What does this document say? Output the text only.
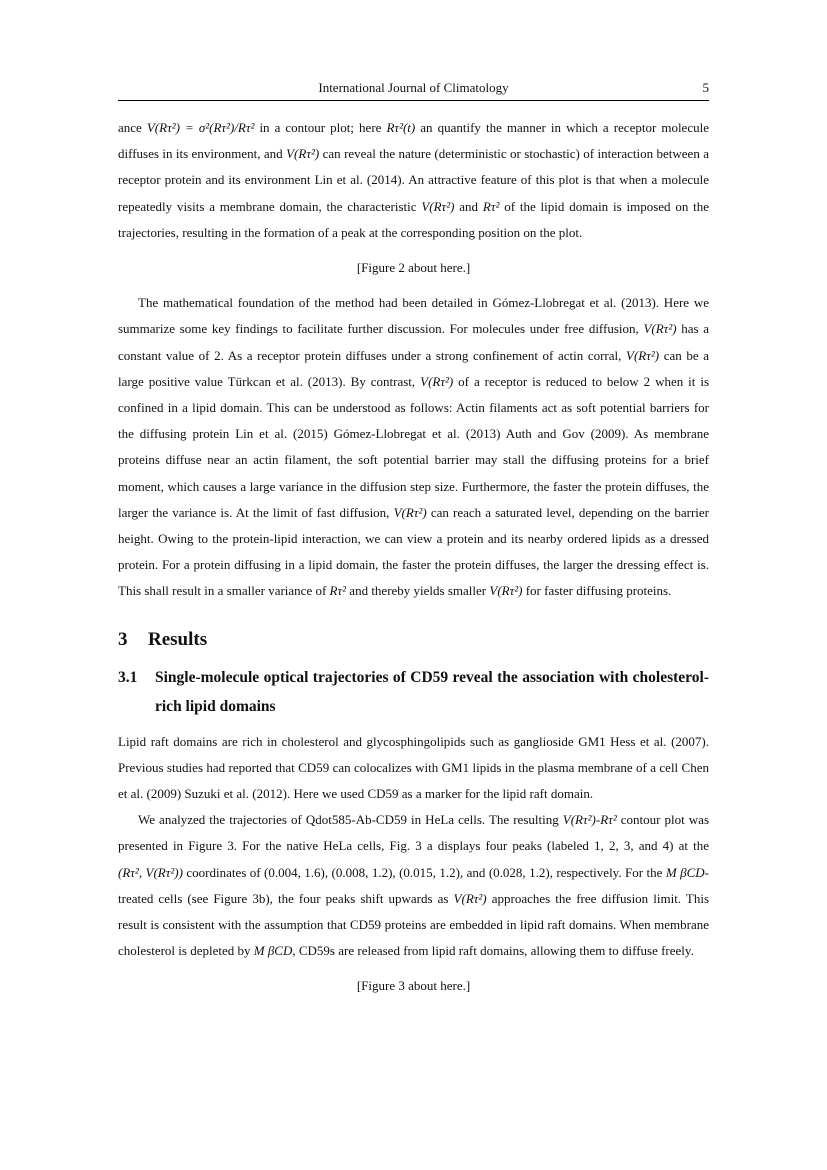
International Journal of Climatology	5

ance V(Rτ²) = σ²(Rτ²)/Rτ² in a contour plot; here Rτ²(t) an quantify the manner in which a receptor molecule diffuses in its environment, and V(Rτ²) can reveal the nature (deterministic or stochastic) of interaction between a receptor protein and its environment Lin et al. (2014). An attractive feature of this plot is that when a molecule repeatedly visits a membrane domain, the characteristic V(Rτ²) and Rτ² of the lipid domain is imposed on the trajectories, resulting in the formation of a peak at the corresponding position on the plot.

[Figure 2 about here.]

The mathematical foundation of the method had been detailed in Gómez-Llobregat et al. (2013). Here we summarize some key findings to facilitate further discussion. For molecules under free diffusion, V(Rτ²) has a constant value of 2. As a receptor protein diffuses under a strong confinement of actin corral, V(Rτ²) can be a large positive value Türkcan et al. (2013). By contrast, V(Rτ²) of a receptor is reduced to below 2 when it is confined in a lipid domain. This can be understood as follows: Actin filaments act as soft potential barriers for the diffusing protein Lin et al. (2015) Gómez-Llobregat et al. (2013) Auth and Gov (2009). As membrane proteins diffuse near an actin filament, the soft potential barrier may stall the diffusing proteins for a brief moment, which causes a large variance in the diffusion step size. Furthermore, the faster the protein diffuses, the larger the variance is. At the limit of fast diffusion, V(Rτ²) can reach a saturated level, depending on the barrier height. Owing to the protein-lipid interaction, we can view a protein and its nearby ordered lipids as a dressed protein. For a protein diffusing in a lipid domain, the faster the protein diffuses, the larger the dressing effect is. This shall result in a smaller variance of Rτ² and thereby yields smaller V(Rτ²) for faster diffusing proteins.

3 Results
3.1 Single-molecule optical trajectories of CD59 reveal the association with cholesterol-rich lipid domains

Lipid raft domains are rich in cholesterol and glycosphingolipids such as ganglioside GM1 Hess et al. (2007). Previous studies had reported that CD59 can colocalizes with GM1 lipids in the plasma membrane of a cell Chen et al. (2009) Suzuki et al. (2012). Here we used CD59 as a marker for the lipid raft domain.

We analyzed the trajectories of Qdot585-Ab-CD59 in HeLa cells. The resulting V(Rτ²)-Rτ² contour plot was presented in Figure 3. For the native HeLa cells, Fig. 3 a displays four peaks (labeled 1, 2, 3, and 4) at the (Rτ², V(Rτ²)) coordinates of (0.004, 1.6), (0.008, 1.2), (0.015, 1.2), and (0.028, 1.2), respectively. For the M βCD-treated cells (see Figure 3b), the four peaks shift upwards as V(Rτ²) approaches the free diffusion limit. This result is consistent with the assumption that CD59 proteins are embedded in lipid raft domains. When membrane cholesterol is depleted by M βCD, CD59s are released from lipid raft domains, allowing them to diffuse freely.

[Figure 3 about here.]
